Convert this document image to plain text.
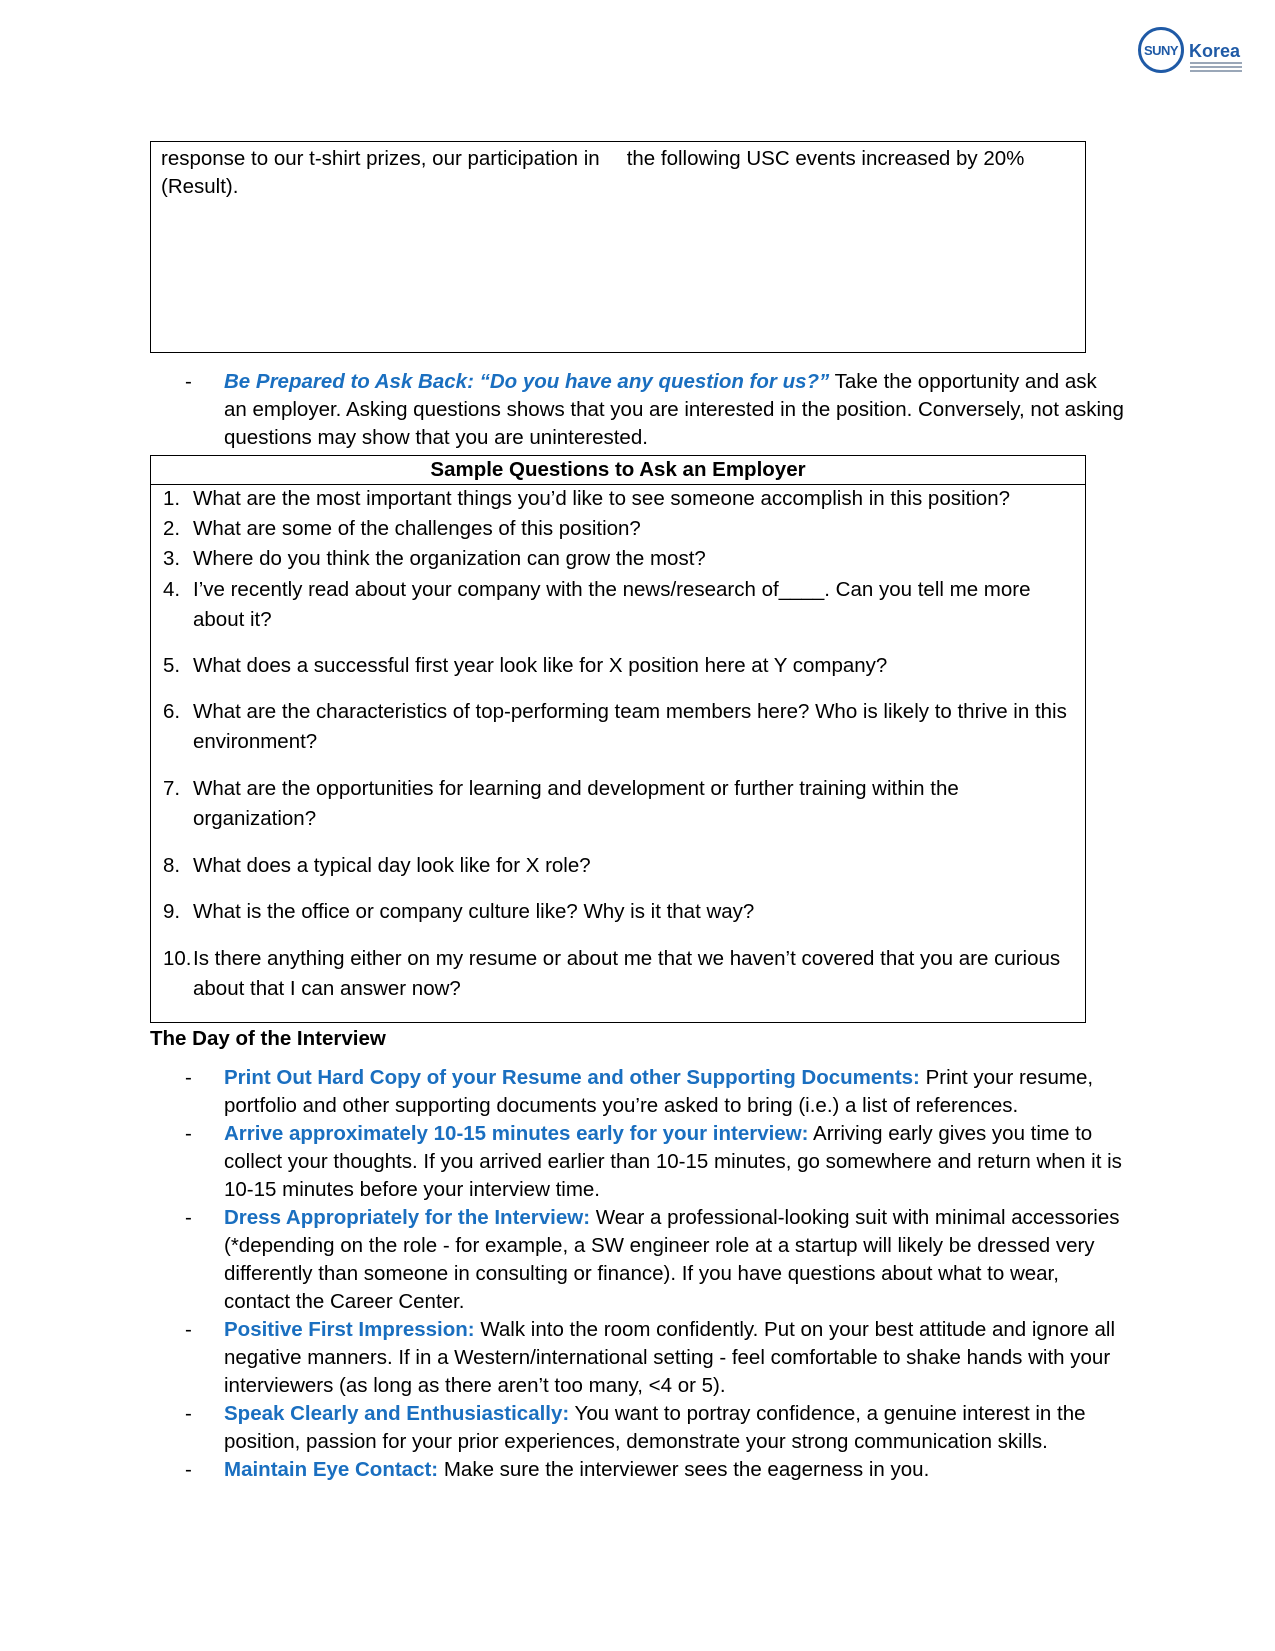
SUNY Korea
response to our t-shirt prizes, our participation in the following USC events increased by 20%
(Result).
- Be Prepared to Ask Back: “Do you have any question for us?” Take the opportunity and ask an employer. Asking questions shows that you are interested in the position. Conversely, not asking questions may show that you are uninterested.
Sample Questions to Ask an Employer
1. What are the most important things you’d like to see someone accomplish in this position?
2. What are some of the challenges of this position?
3. Where do you think the organization can grow the most?
4. I’ve recently read about your company with the news/research of____. Can you tell me more about it?
5. What does a successful first year look like for X position here at Y company?
6. What are the characteristics of top-performing team members here? Who is likely to thrive in this environment?
7. What are the opportunities for learning and development or further training within the organization?
8. What does a typical day look like for X role?
9. What is the office or company culture like? Why is it that way?
10. Is there anything either on my resume or about me that we haven’t covered that you are curious about that I can answer now?
The Day of the Interview
- Print Out Hard Copy of your Resume and other Supporting Documents: Print your resume, portfolio and other supporting documents you’re asked to bring (i.e.) a list of references.
- Arrive approximately 10-15 minutes early for your interview: Arriving early gives you time to collect your thoughts. If you arrived earlier than 10-15 minutes, go somewhere and return when it is 10-15 minutes before your interview time.
- Dress Appropriately for the Interview: Wear a professional-looking suit with minimal accessories (*depending on the role - for example, a SW engineer role at a startup will likely be dressed very differently than someone in consulting or finance). If you have questions about what to wear, contact the Career Center.
- Positive First Impression: Walk into the room confidently. Put on your best attitude and ignore all negative manners. If in a Western/international setting - feel comfortable to shake hands with your interviewers (as long as there aren’t too many, <4 or 5).
- Speak Clearly and Enthusiastically: You want to portray confidence, a genuine interest in the position, passion for your prior experiences, demonstrate your strong communication skills.
- Maintain Eye Contact: Make sure the interviewer sees the eagerness in you.
